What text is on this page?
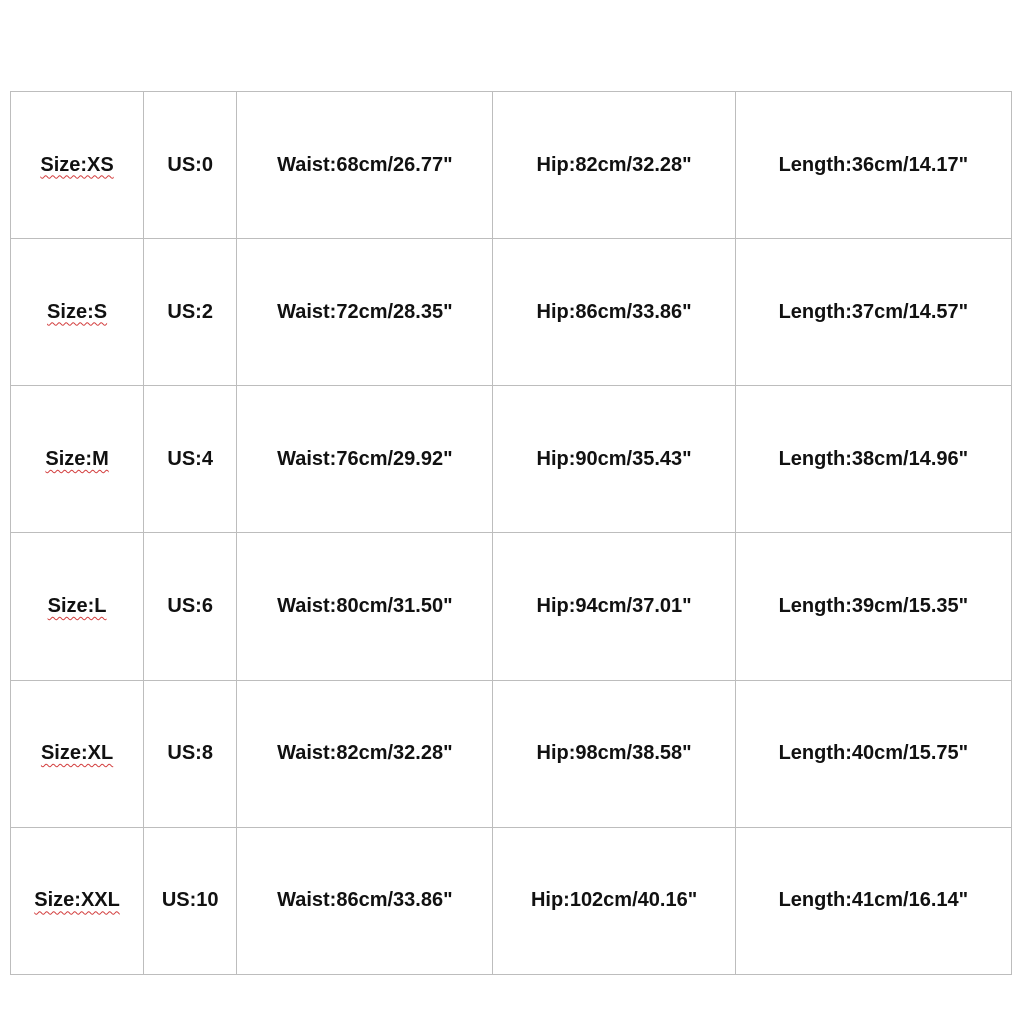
Size:XS	US:0	Waist:68cm/26.77"	Hip:82cm/32.28"	Length:36cm/14.17"
Size:S	US:2	Waist:72cm/28.35"	Hip:86cm/33.86"	Length:37cm/14.57"
Size:M	US:4	Waist:76cm/29.92"	Hip:90cm/35.43"	Length:38cm/14.96"
Size:L	US:6	Waist:80cm/31.50"	Hip:94cm/37.01"	Length:39cm/15.35"
Size:XL	US:8	Waist:82cm/32.28"	Hip:98cm/38.58"	Length:40cm/15.75"
Size:XXL	US:10	Waist:86cm/33.86"	Hip:102cm/40.16"	Length:41cm/16.14"
